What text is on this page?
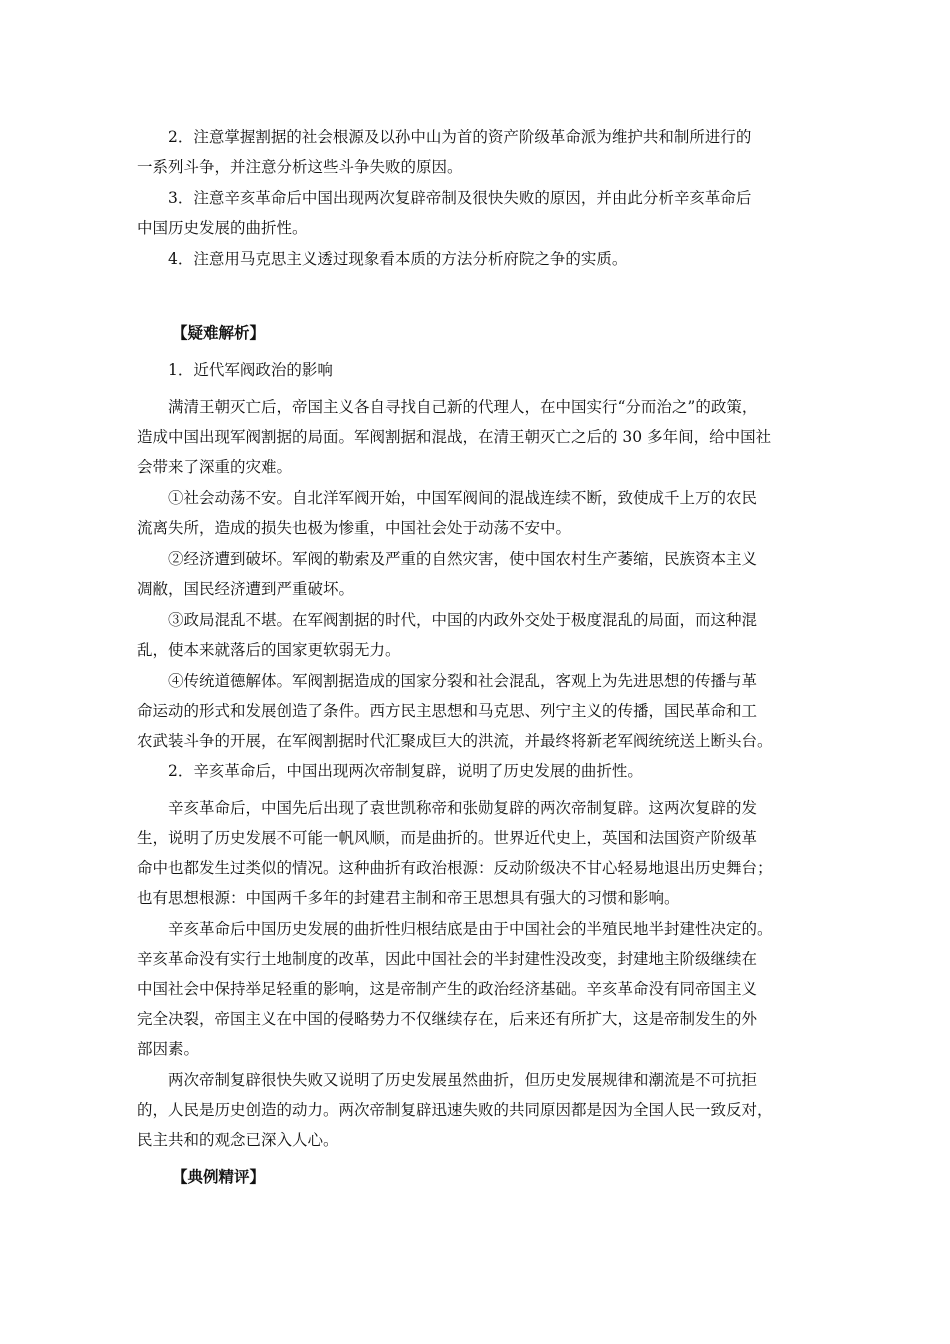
　　2．注意掌握割据的社会根源及以孙中山为首的资产阶级革命派为维护共和制所进行的
一系列斗争，并注意分析这些斗争失败的原因。
　　3．注意辛亥革命后中国出现两次复辟帝制及很快失败的原因，并由此分析辛亥革命后
中国历史发展的曲折性。
　　4．注意用马克思主义透过现象看本质的方法分析府院之争的实质。
【疑难解析】
　　1．近代军阀政治的影响
　　满清王朝灭亡后，帝国主义各自寻找自己新的代理人，在中国实行“分而治之”的政策，
造成中国出现军阀割据的局面。军阀割据和混战，在清王朝灭亡之后的 30 多年间，给中国社
会带来了深重的灾难。
　　①社会动荡不安。自北洋军阀开始，中国军阀间的混战连续不断，致使成千上万的农民
流离失所，造成的损失也极为惨重，中国社会处于动荡不安中。
　　②经济遭到破坏。军阀的勒索及严重的自然灾害，使中国农村生产萎缩，民族资本主义
凋敝，国民经济遭到严重破坏。
　　③政局混乱不堪。在军阀割据的时代，中国的内政外交处于极度混乱的局面，而这种混
乱，使本来就落后的国家更软弱无力。
　　④传统道德解体。军阀割据造成的国家分裂和社会混乱，客观上为先进思想的传播与革
命运动的形式和发展创造了条件。西方民主思想和马克思、列宁主义的传播，国民革命和工
农武装斗争的开展，在军阀割据时代汇聚成巨大的洪流，并最终将新老军阀统统送上断头台。
　　2．辛亥革命后，中国出现两次帝制复辟，说明了历史发展的曲折性。
　　辛亥革命后，中国先后出现了袁世凯称帝和张勋复辟的两次帝制复辟。这两次复辟的发
生，说明了历史发展不可能一帆风顺，而是曲折的。世界近代史上，英国和法国资产阶级革
命中也都发生过类似的情况。这种曲折有政治根源：反动阶级决不甘心轻易地退出历史舞台；
也有思想根源：中国两千多年的封建君主制和帝王思想具有强大的习惯和影响。
　　辛亥革命后中国历史发展的曲折性归根结底是由于中国社会的半殖民地半封建性决定的。
辛亥革命没有实行土地制度的改革，因此中国社会的半封建性没改变，封建地主阶级继续在
中国社会中保持举足轻重的影响，这是帝制产生的政治经济基础。辛亥革命没有同帝国主义
完全决裂，帝国主义在中国的侵略势力不仅继续存在，后来还有所扩大，这是帝制发生的外
部因素。
　　两次帝制复辟很快失败又说明了历史发展虽然曲折，但历史发展规律和潮流是不可抗拒
的，人民是历史创造的动力。两次帝制复辟迅速失败的共同原因都是因为全国人民一致反对，
民主共和的观念已深入人心。
【典例精评】
